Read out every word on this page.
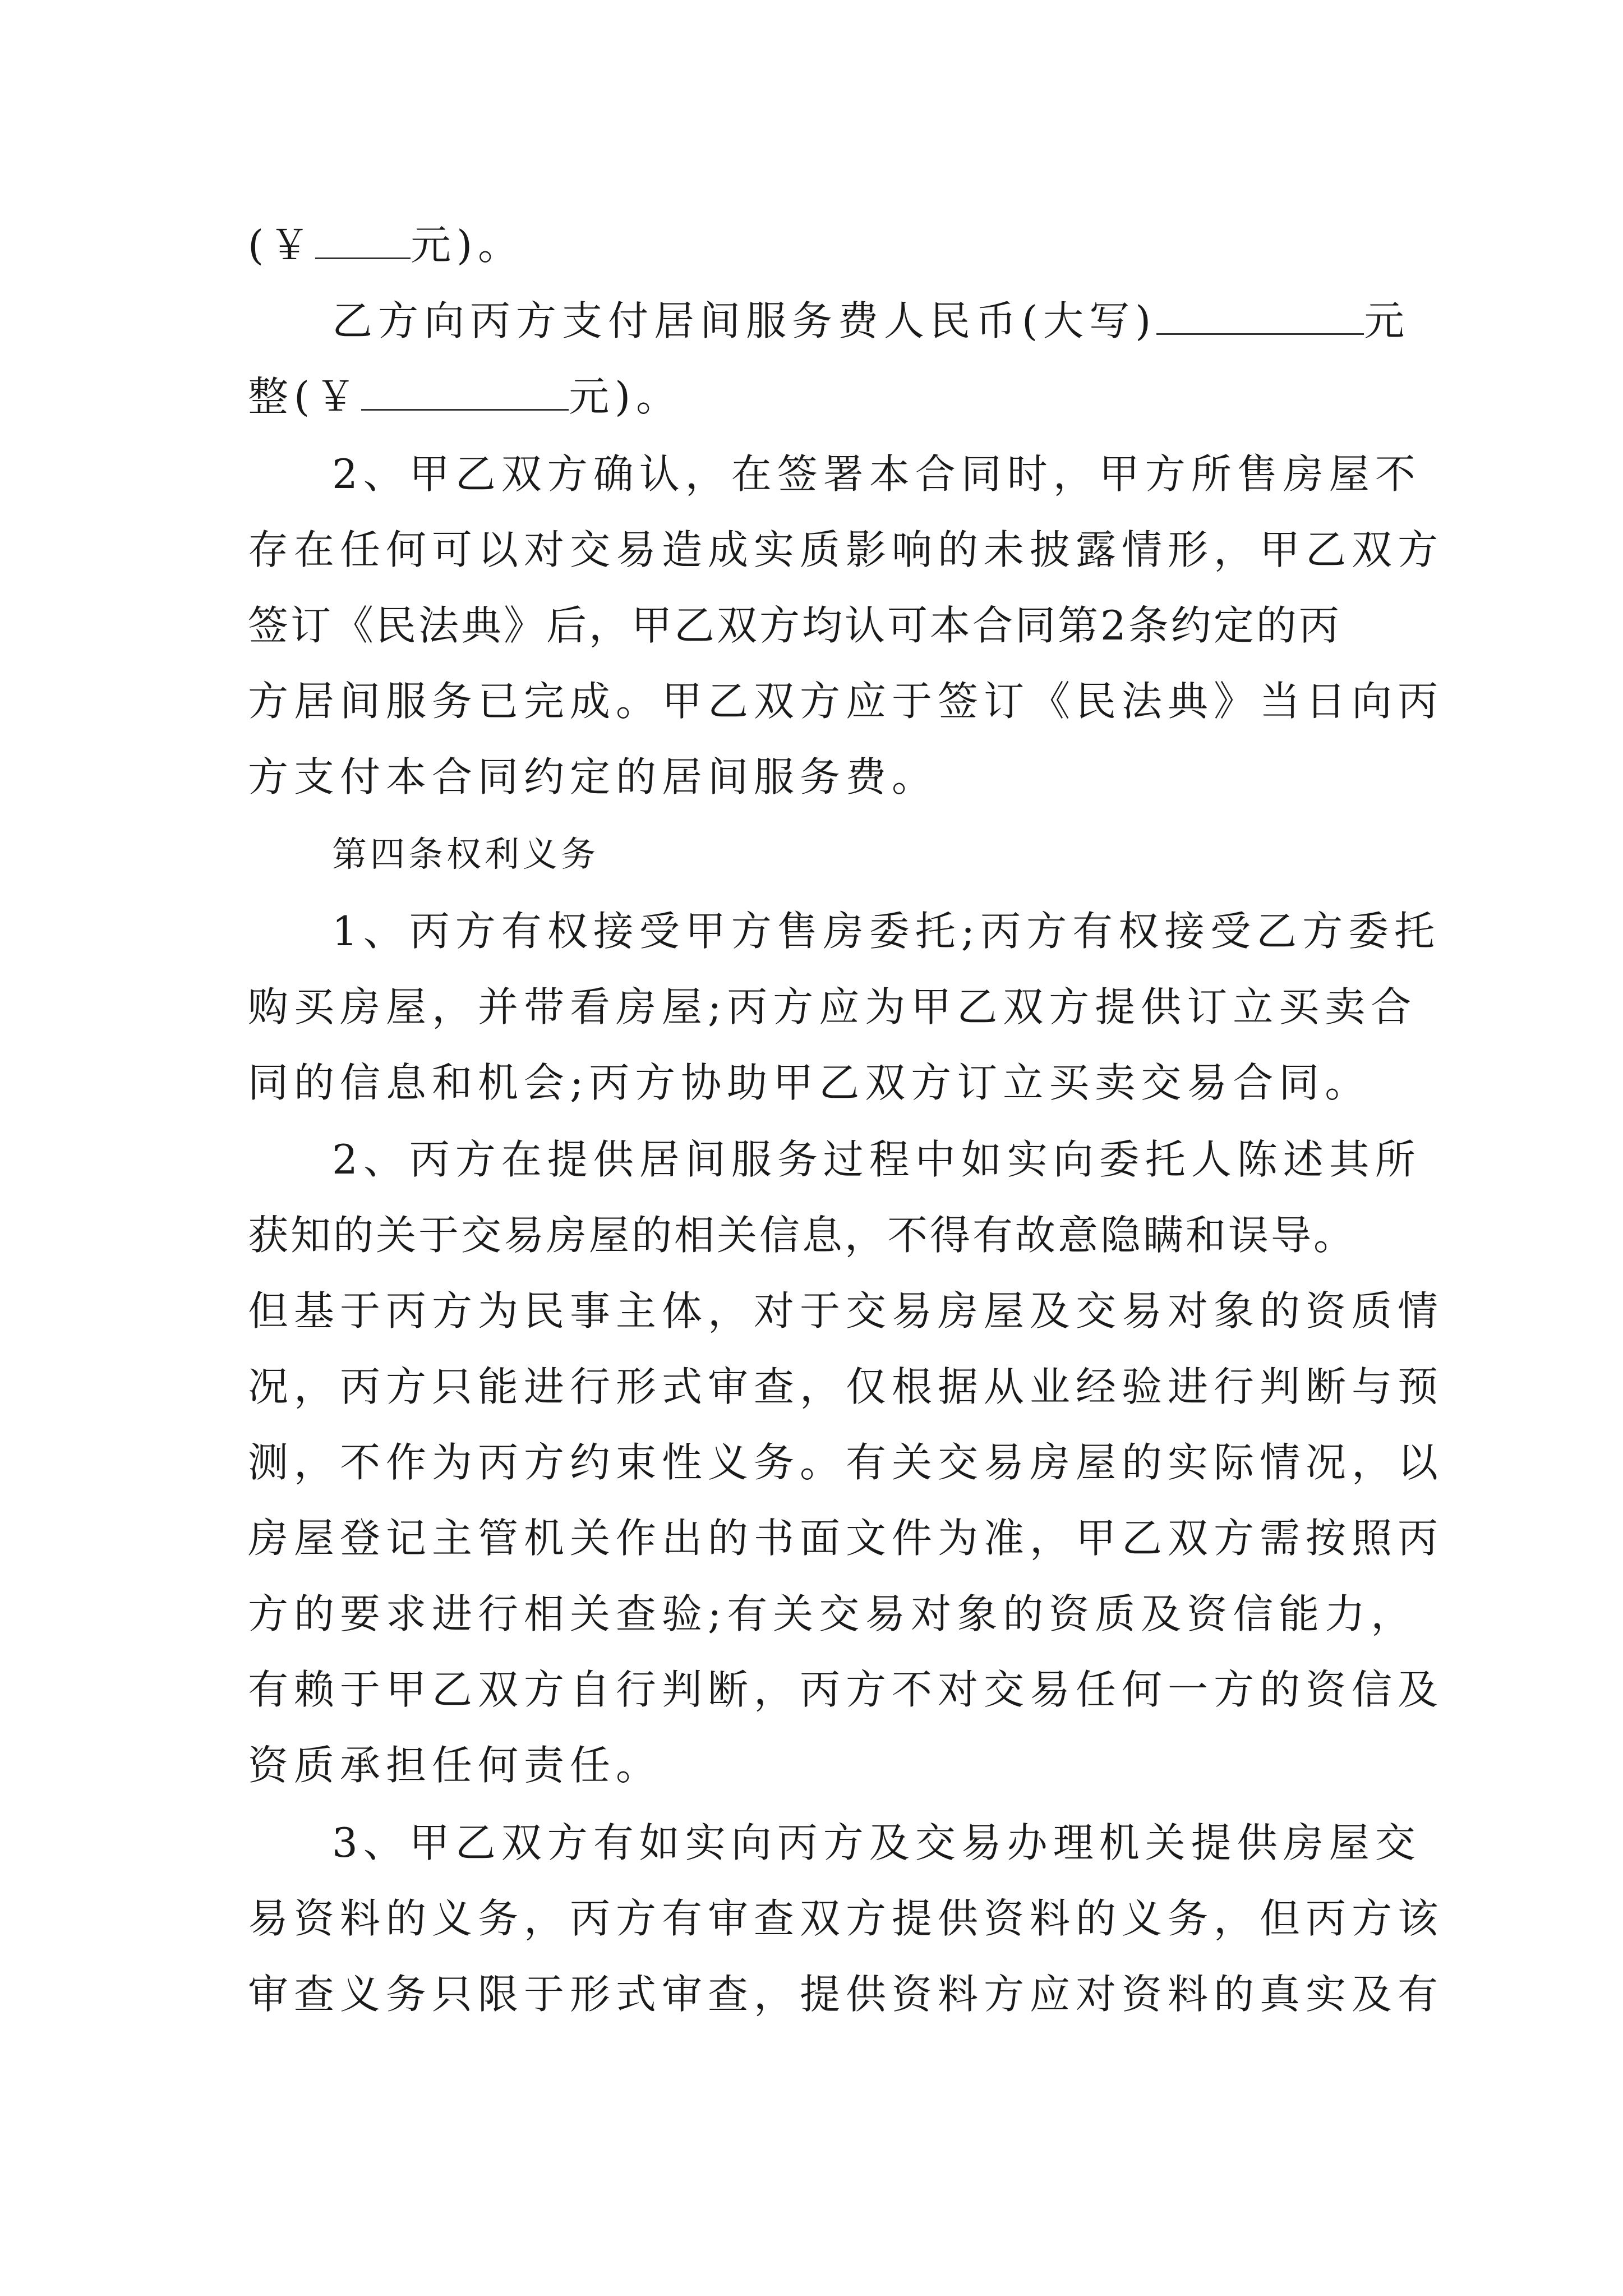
(￥ 元)。
乙方向丙方支付居间服务费人民币(大写)	元
整(￥	元)。
2、甲乙双方确认，在签署本合同时，甲方所售房屋不
存在任何可以对交易造成实质影响的未披露情形，甲乙双方
签订《民法典》后，甲乙双方均认可本合同第2条约定的丙
方居间服务已完成。甲乙双方应于签订《民法典》当日向丙
方支付本合同约定的居间服务费。
第四条权利义务
1、丙方有权接受甲方售房委托;丙方有权接受乙方委托
购买房屋，并带看房屋;丙方应为甲乙双方提供订立买卖合
同的信息和机会;丙方协助甲乙双方订立买卖交易合同。
2、丙方在提供居间服务过程中如实向委托人陈述其所
获知的关于交易房屋的相关信息，不得有故意隐瞒和误导。
但基于丙方为民事主体，对于交易房屋及交易对象的资质情
况，丙方只能进行形式审查，仅根据从业经验进行判断与预
测，不作为丙方约束性义务。有关交易房屋的实际情况，以
房屋登记主管机关作出的书面文件为准，甲乙双方需按照丙
方的要求进行相关查验;有关交易对象的资质及资信能力，
有赖于甲乙双方自行判断，丙方不对交易任何一方的资信及
资质承担任何责任。
3、甲乙双方有如实向丙方及交易办理机关提供房屋交
易资料的义务，丙方有审查双方提供资料的义务，但丙方该
审查义务只限于形式审查，提供资料方应对资料的真实及有
